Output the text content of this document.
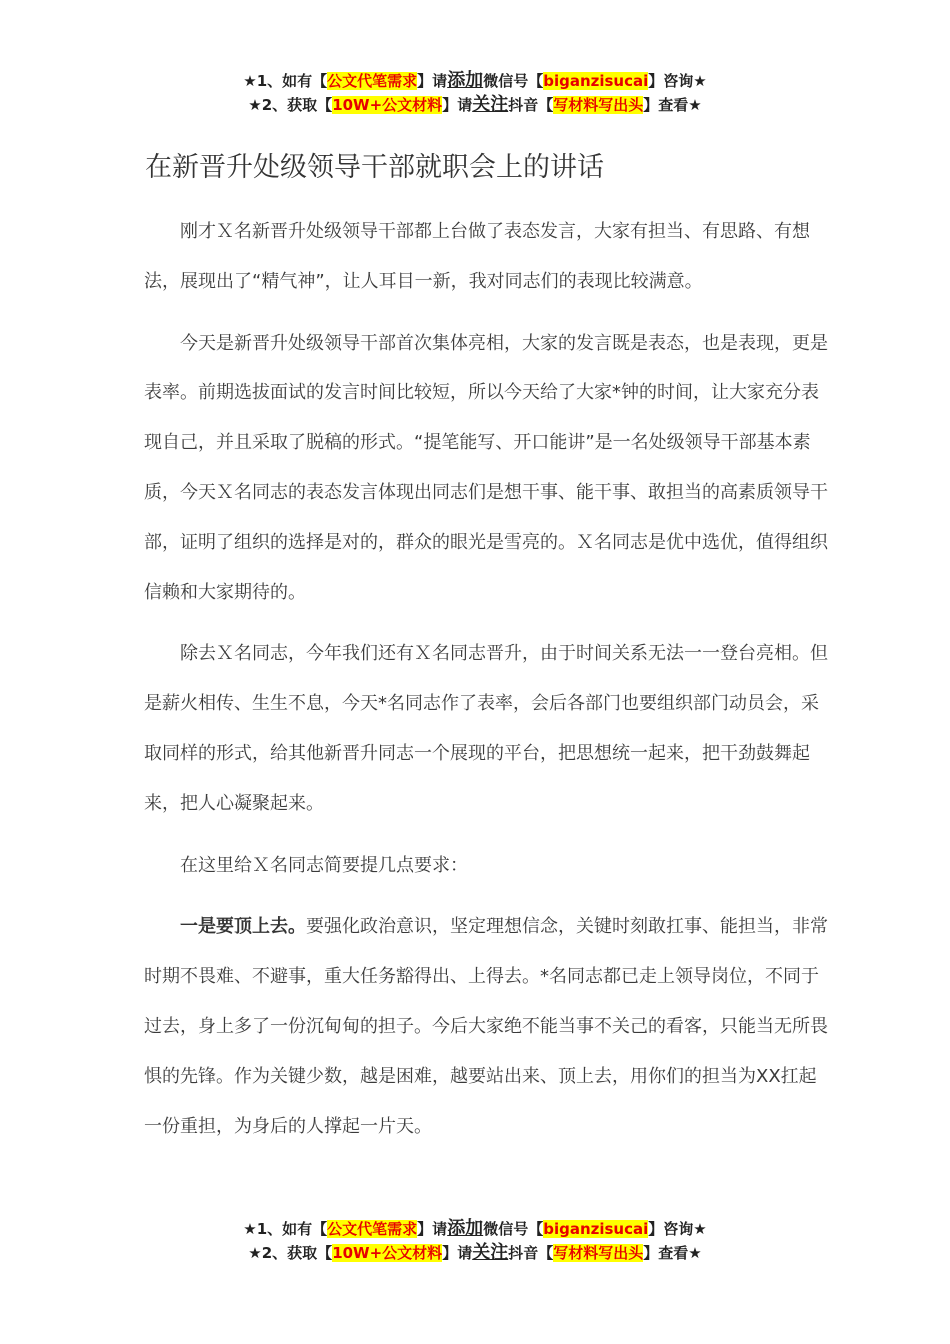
★1、如有【公文代笔需求】请添加微信号【biganzisucai】咨询★
★2、获取【10W+公文材料】请关注抖音【写材料写出头】查看★
在新晋升处级领导干部就职会上的讲话

刚才Ｘ名新晋升处级领导干部都上台做了表态发言，大家有担当、有思路、有想法，展现出了“精气神”，让人耳目一新，我对同志们的表现比较满意。

今天是新晋升处级领导干部首次集体亮相，大家的发言既是表态，也是表现，更是表率。前期选拔面试的发言时间比较短，所以今天给了大家*钟的时间，让大家充分表现自己，并且采取了脱稿的形式。“提笔能写、开口能讲”是一名处级领导干部基本素质，今天Ｘ名同志的表态发言体现出同志们是想干事、能干事、敢担当的高素质领导干部，证明了组织的选择是对的，群众的眼光是雪亮的。Ｘ名同志是优中选优，值得组织信赖和大家期待的。

除去Ｘ名同志，今年我们还有Ｘ名同志晋升，由于时间关系无法一一登台亮相。但是薪火相传、生生不息，今天*名同志作了表率，会后各部门也要组织部门动员会，采取同样的形式，给其他新晋升同志一个展现的平台，把思想统一起来，把干劲鼓舞起来，把人心凝聚起来。

在这里给Ｘ名同志简要提几点要求：

一是要顶上去。要强化政治意识，坚定理想信念，关键时刻敢扛事、能担当，非常时期不畏难、不避事，重大任务豁得出、上得去。*名同志都已走上领导岗位，不同于过去，身上多了一份沉甸甸的担子。今后大家绝不能当事不关己的看客，只能当无所畏惧的先锋。作为关键少数，越是困难，越要站出来、顶上去，用你们的担当为XX扛起一份重担，为身后的人撑起一片天。

★1、如有【公文代笔需求】请添加微信号【biganzisucai】咨询★
★2、获取【10W+公文材料】请关注抖音【写材料写出头】查看★
